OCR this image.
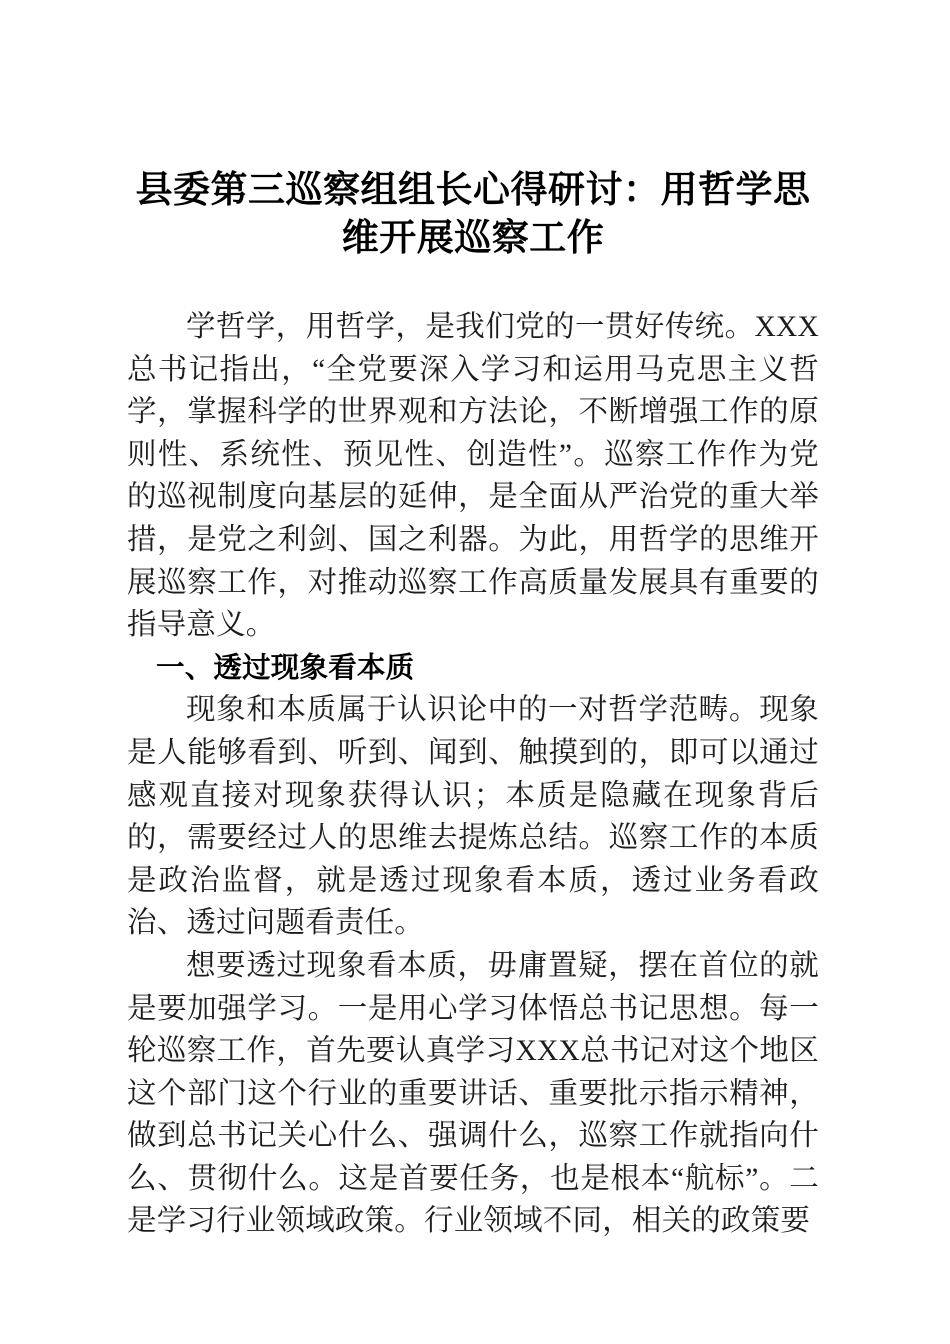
县委第三巡察组组长心得研讨：用哲学思维开展巡察工作

学哲学，用哲学，是我们党的一贯好传统。XXX总书记指出，“全党要深入学习和运用马克思主义哲学，掌握科学的世界观和方法论，不断增强工作的原则性、系统性、预见性、创造性”。巡察工作作为党的巡视制度向基层的延伸，是全面从严治党的重大举措，是党之利剑、国之利器。为此，用哲学的思维开展巡察工作，对推动巡察工作高质量发展具有重要的指导意义。

一、透过现象看本质

现象和本质属于认识论中的一对哲学范畴。现象是人能够看到、听到、闻到、触摸到的，即可以通过感观直接对现象获得认识；本质是隐藏在现象背后的，需要经过人的思维去提炼总结。巡察工作的本质是政治监督，就是透过现象看本质，透过业务看政治、透过问题看责任。

想要透过现象看本质，毋庸置疑，摆在首位的就是要加强学习。一是用心学习体悟总书记思想。每一轮巡察工作，首先要认真学习XXX总书记对这个地区这个部门这个行业的重要讲话、重要批示指示精神，做到总书记关心什么、强调什么，巡察工作就指向什么、贯彻什么。这是首要任务，也是根本“航标”。二是学习行业领域政策。行业领域不同，相关的政策要
